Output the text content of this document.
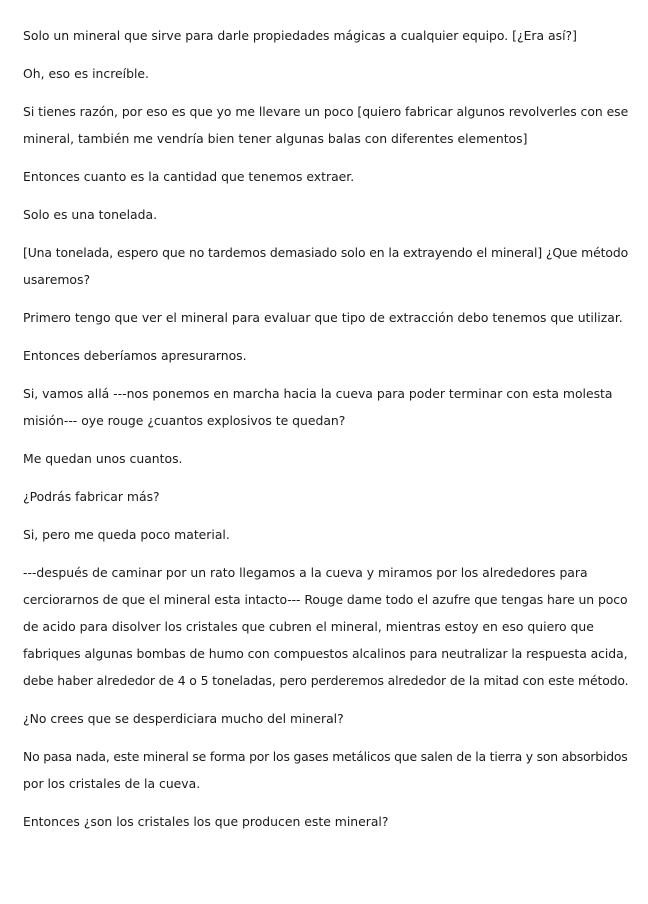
Solo un mineral que sirve para darle propiedades mágicas a cualquier equipo. [¿Era así?]

Oh, eso es increíble.

Si tienes razón, por eso es que yo me llevare un poco [quiero fabricar algunos revolverles con ese
mineral, también me vendría bien tener algunas balas con diferentes elementos]

Entonces cuanto es la cantidad que tenemos extraer.

Solo es una tonelada.

[Una tonelada, espero que no tardemos demasiado solo en la extrayendo el mineral] ¿Que método
usaremos?

Primero tengo que ver el mineral para evaluar que tipo de extracción debo tenemos que utilizar.

Entonces deberíamos apresurarnos.

Si, vamos allá ---nos ponemos en marcha hacia la cueva para poder terminar con esta molesta
misión--- oye rouge ¿cuantos explosivos te quedan?

Me quedan unos cuantos.

¿Podrás fabricar más?

Si, pero me queda poco material.

---después de caminar por un rato llegamos a la cueva y miramos por los alrededores para
cerciorarnos de que el mineral esta intacto--- Rouge dame todo el azufre que tengas hare un poco
de acido para disolver los cristales que cubren el mineral, mientras estoy en eso quiero que
fabriques algunas bombas de humo con compuestos alcalinos para neutralizar la respuesta acida,
debe haber alrededor de 4 o 5 toneladas, pero perderemos alrededor de la mitad con este método.

¿No crees que se desperdiciara mucho del mineral?

No pasa nada, este mineral se forma por los gases metálicos que salen de la tierra y son absorbidos
por los cristales de la cueva.

Entonces ¿son los cristales los que producen este mineral?
